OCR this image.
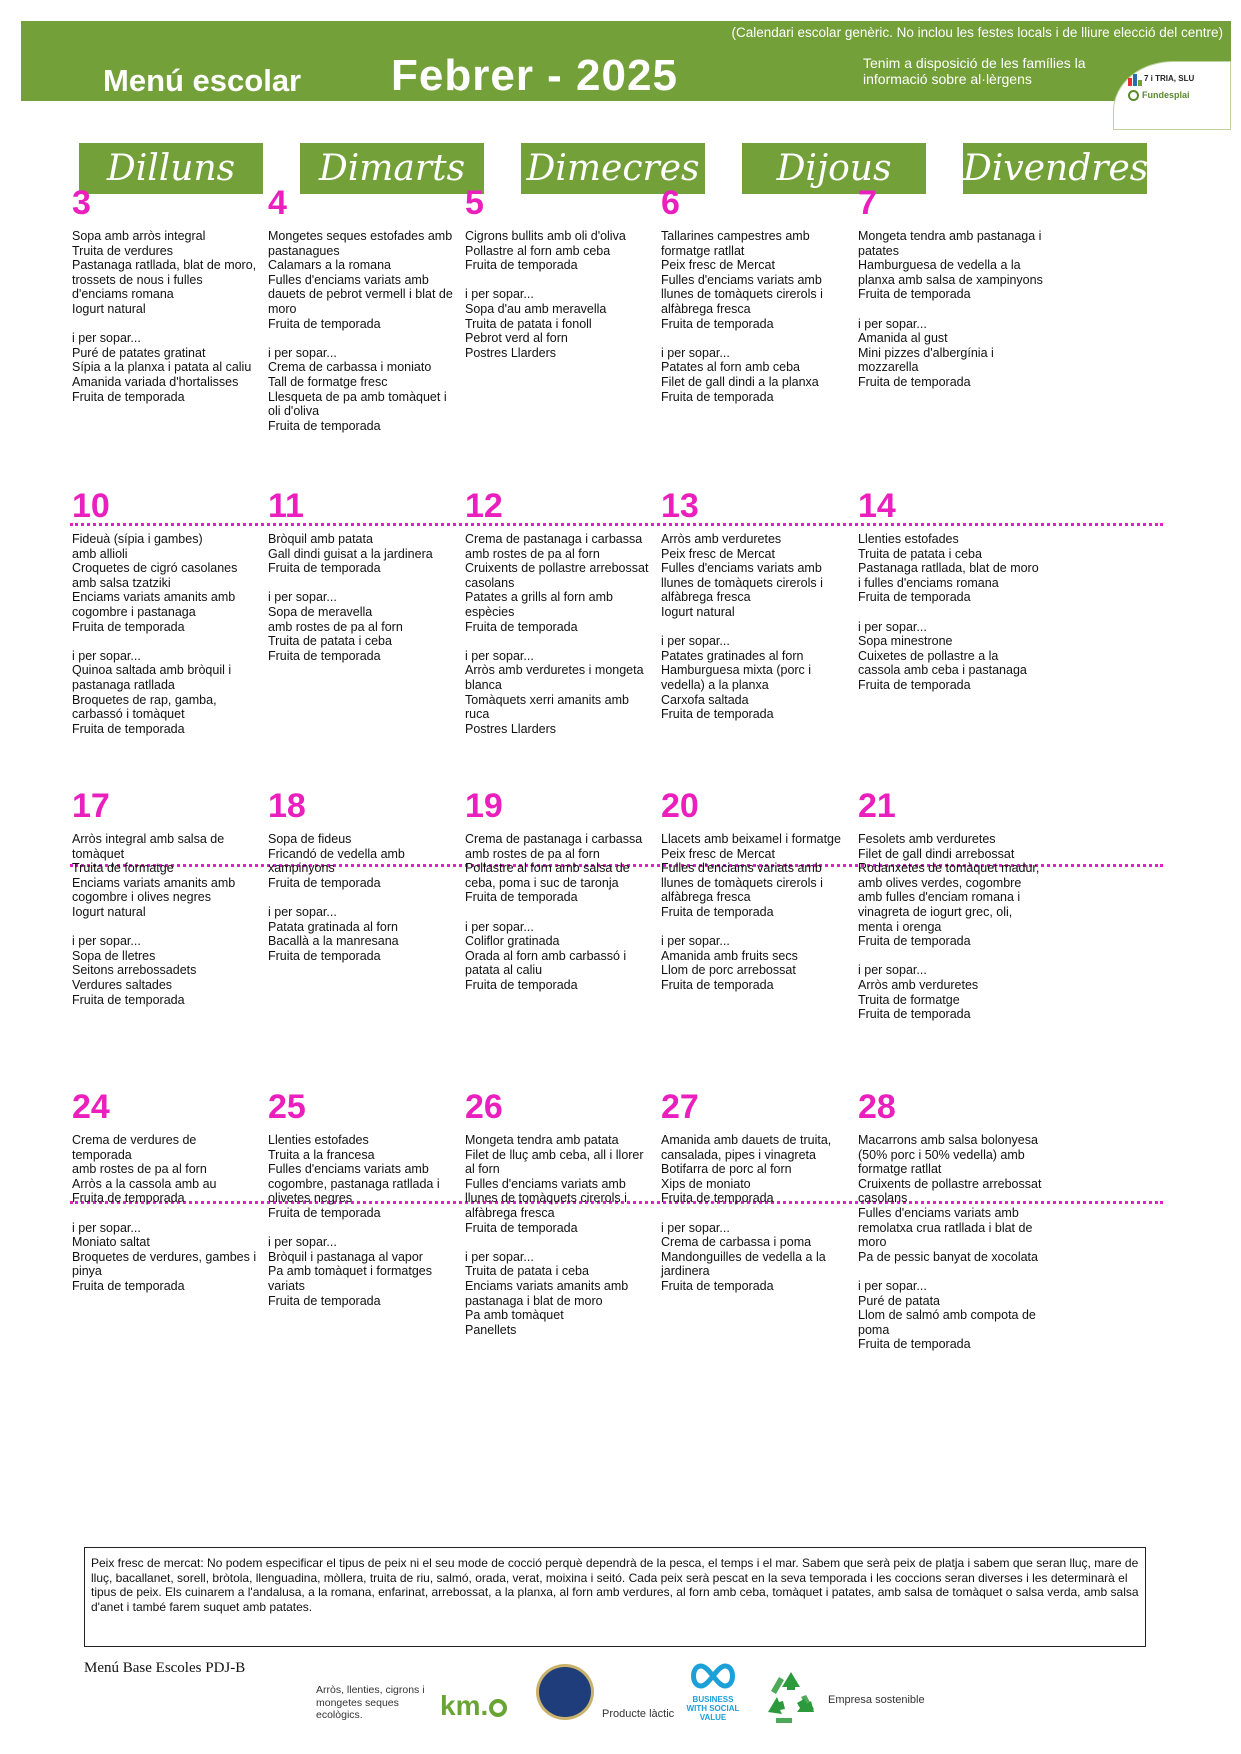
(Calendari escolar genèric. No inclou les festes locals i de lliure elecció del centre)
Menú escolar Febrer - 2025	Tenim a disposició de les famílies la informació sobre al·lèrgens	7 i TRIA, SLU
Fundesplai
Dilluns	Dimarts	Dimecres	Dijous	Divendres
3
Sopa amb arròs integral
Truita de verdures
Pastanaga ratllada, blat de moro,
trossets de nous i fulles
d'enciams romana
Iogurt natural
i per sopar...
Puré de patates gratinat
Sípia a la planxa i patata al caliu
Amanida variada d'hortalisses
Fruita de temporada
4
Mongetes seques estofades amb
pastanagues
Calamars a la romana
Fulles d'enciams variats amb
dauets de pebrot vermell i blat de
moro
Fruita de temporada
i per sopar...
Crema de carbassa i moniato
Tall de formatge fresc
Llesqueta de pa amb tomàquet i
oli d'oliva
Fruita de temporada
5
Cigrons bullits amb oli d'oliva
Pollastre al forn amb ceba
Fruita de temporada
i per sopar...
Sopa d'au amb meravella
Truita de patata i fonoll
Pebrot verd al forn
Postres Llarders
6
Tallarines campestres amb
formatge ratllat
Peix fresc de Mercat
Fulles d'enciams variats amb
llunes de tomàquets cirerols i
alfàbrega fresca
Fruita de temporada
i per sopar...
Patates al forn amb ceba
Filet de gall dindi a la planxa
Fruita de temporada
7
Mongeta tendra amb pastanaga i
patates
Hamburguesa de vedella a la
planxa amb salsa de xampinyons
Fruita de temporada
i per sopar...
Amanida al gust
Mini pizzes d'albergínia i
mozzarella
Fruita de temporada
10
Fideuà (sípia i gambes)
amb allioli
Croquetes de cigró casolanes
amb salsa tzatziki
Enciams variats amanits amb
cogombre i pastanaga
Fruita de temporada
i per sopar...
Quinoa saltada amb bròquil i
pastanaga ratllada
Broquetes de rap, gamba,
carbassó i tomàquet
Fruita de temporada
11
Bròquil amb patata
Gall dindi guisat a la jardinera
Fruita de temporada
i per sopar...
Sopa de meravella
amb rostes de pa al forn
Truita de patata i ceba
Fruita de temporada
12
Crema de pastanaga i carbassa
amb rostes de pa al forn
Cruixents de pollastre arrebossat
casolans
Patates a grills al forn amb
espècies
Fruita de temporada
i per sopar...
Arròs amb verduretes i mongeta
blanca
Tomàquets xerri amanits amb
ruca
Postres Llarders
13
Arròs amb verduretes
Peix fresc de Mercat
Fulles d'enciams variats amb
llunes de tomàquets cirerols i
alfàbrega fresca
Iogurt natural
i per sopar...
Patates gratinades al forn
Hamburguesa mixta (porc i
vedella) a la planxa
Carxofa saltada
Fruita de temporada
14
Llenties estofades
Truita de patata i ceba
Pastanaga ratllada, blat de moro
i fulles d'enciams romana
Fruita de temporada
i per sopar...
Sopa minestrone
Cuixetes de pollastre a la
cassola amb ceba i pastanaga
Fruita de temporada
17
Arròs integral amb salsa de
tomàquet
Truita de formatge
Enciams variats amanits amb
cogombre i olives negres
Iogurt natural
i per sopar...
Sopa de lletres
Seitons arrebossadets
Verdures saltades
Fruita de temporada
18
Sopa de fideus
Fricandó de vedella amb
xampinyons
Fruita de temporada
i per sopar...
Patata gratinada al forn
Bacallà a la manresana
Fruita de temporada
19
Crema de pastanaga i carbassa
amb rostes de pa al forn
Pollastre al forn amb salsa de
ceba, poma i suc de taronja
Fruita de temporada
i per sopar...
Coliflor gratinada
Orada al forn amb carbassó i
patata al caliu
Fruita de temporada
20
Llacets amb beixamel i formatge
Peix fresc de Mercat
Fulles d'enciams variats amb
llunes de tomàquets cirerols i
alfàbrega fresca
Fruita de temporada
i per sopar...
Amanida amb fruits secs
Llom de porc arrebossat
Fruita de temporada
21
Fesolets amb verduretes
Filet de gall dindi arrebossat
Rodanxetes de tomàquet madur,
amb olives verdes, cogombre
amb fulles d'enciam romana i
vinagreta de iogurt grec, oli,
menta i orenga
Fruita de temporada
i per sopar...
Arròs amb verduretes
Truita de formatge
Fruita de temporada
24
Crema de verdures de
temporada
amb rostes de pa al forn
Arròs a la cassola amb au
Fruita de temporada
i per sopar...
Moniato saltat
Broquetes de verdures, gambes i
pinya
Fruita de temporada
25
Llenties estofades
Truita a la francesa
Fulles d'enciams variats amb
cogombre, pastanaga ratllada i
olivetes negres
Fruita de temporada
i per sopar...
Bròquil i pastanaga al vapor
Pa amb tomàquet i formatges
variats
Fruita de temporada
26
Mongeta tendra amb patata
Filet de lluç amb ceba, all i llorer
al forn
Fulles d'enciams variats amb
llunes de tomàquets cirerols i
alfàbrega fresca
Fruita de temporada
i per sopar...
Truita de patata i ceba
Enciams variats amanits amb
pastanaga i blat de moro
Pa amb tomàquet
Panellets
27
Amanida amb dauets de truita,
cansalada, pipes i vinagreta
Botifarra de porc al forn
Xips de moniato
Fruita de temporada
i per sopar...
Crema de carbassa i poma
Mandonguilles de vedella a la
jardinera
Fruita de temporada
28
Macarrons amb salsa bolonyesa
(50% porc i 50% vedella) amb
formatge ratllat
Cruixents de pollastre arrebossat
casolans
Fulles d'enciams variats amb
remolatxa crua ratllada i blat de
moro
Pa de pessic banyat de xocolata
i per sopar...
Puré de patata
Llom de salmó amb compota de
poma
Fruita de temporada
Peix fresc de mercat: No podem especificar el tipus de peix ni el seu mode de cocció perquè dependrà de la pesca, el temps i el mar. Sabem que serà peix de platja i sabem que seran lluç, mare de lluç, bacallanet, sorell, bròtola, llenguadina, mòllera, truita de riu, salmó, orada, verat, moixina i seitó. Cada peix serà pescat en la seva temporada i les coccions seran diverses i les determinarà el tipus de peix. Els cuinarem a l'andalusa, a la romana, enfarinat, arrebossat, a la planxa, al forn amb verdures, al forn amb ceba, tomàquet i patates, amb salsa de tomàquet o salsa verda, amb salsa d'anet i també farem suquet amb patates.
Menú Base Escoles PDJ-B
Arròs, llenties, cigrons i mongetes seques ecològics.	km.	Producte làctic
BUSINESS WITH SOCIAL VALUE
Empresa sostenible
